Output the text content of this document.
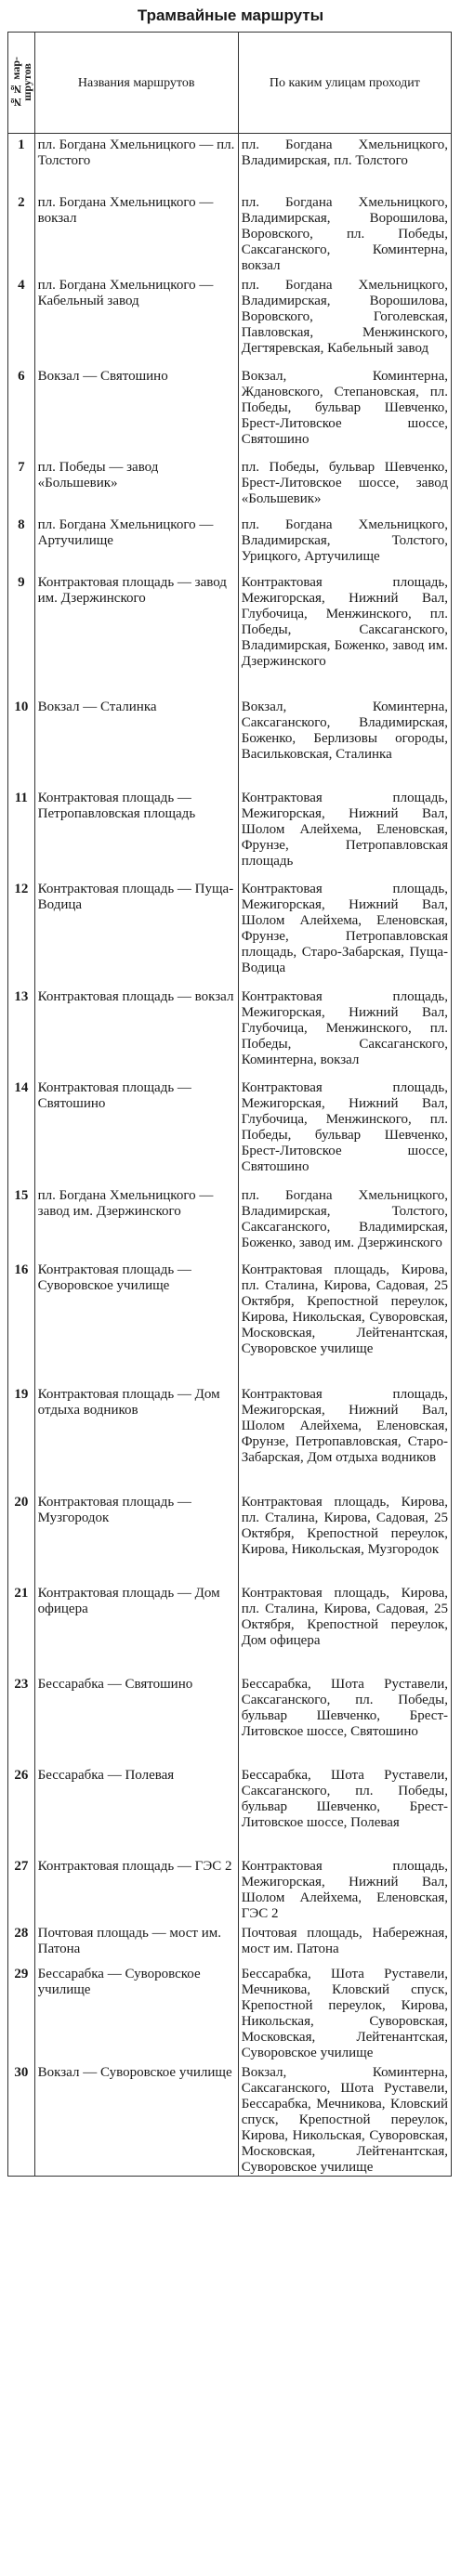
Трамвайные маршруты
№№ мар-
шрутов	Названия маршрутов	По каким улицам проходит
1	пл. Богдана Хмельницкого — пл. Толстого	пл. Богдана Хмельницкого, Владимирская, пл. Толстого
2	пл. Богдана Хмельницкого — вокзал	пл. Богдана Хмельницкого, Владимирская, Ворошилова, Воровского, пл. Победы, Саксаганского, Коминтерна, вокзал
4	пл. Богдана Хмельницкого — Кабельный завод	пл. Богдана Хмельницкого, Владимирская, Ворошилова, Воровского, Гоголевская, Павловская, Менжинского, Дегтяревская, Кабельный завод
6	Вокзал — Святошино	Вокзал, Коминтерна, Ждановского, Степановская, пл. Победы, бульвар Шевченко, Брест-Литовское шоссе, Святошино
7	пл. Победы — завод «Большевик»	пл. Победы, бульвар Шевченко, Брест-Литовское шоссе, завод «Большевик»
8	пл. Богдана Хмельницкого — Артучилище	пл. Богдана Хмельницкого, Владимирская, Толстого, Урицкого, Артучилище
9	Контрактовая площадь — завод им. Дзержинского	Контрактовая площадь, Межигорская, Нижний Вал, Глубочица, Менжинского, пл. Победы, Саксаганского, Владимирская, Боженко, завод им. Дзержинского
10	Вокзал — Сталинка	Вокзал, Коминтерна, Саксаганского, Владимирская, Боженко, Берлизовы огороды, Васильковская, Сталинка
11	Контрактовая площадь — Петропавловская площадь	Контрактовая площадь, Межигорская, Нижний Вал, Шолом Алейхема, Еленовская, Фрунзе, Петропавловская площадь
12	Контрактовая площадь — Пуща-Водица	Контрактовая площадь, Межигорская, Нижний Вал, Шолом Алейхема, Еленовская, Фрунзе, Петропавловская площадь, Старо-Забарская, Пуща-Водица
13	Контрактовая площадь — вокзал	Контрактовая площадь, Межигорская, Нижний Вал, Глубочица, Менжинского, пл. Победы, Саксаганского, Коминтерна, вокзал
14	Контрактовая площадь — Святошино	Контрактовая площадь, Межигорская, Нижний Вал, Глубочица, Менжинского, пл. Победы, бульвар Шевченко, Брест-Литовское шоссе, Святошино
15	пл. Богдана Хмельницкого — завод им. Дзержинского	пл. Богдана Хмельницкого, Владимирская, Толстого, Саксаганского, Владимирская, Боженко, завод им. Дзержинского
16	Контрактовая площадь — Суворовское училище	Контрактовая площадь, Кирова, пл. Сталина, Кирова, Садовая, 25 Октября, Крепостной переулок, Кирова, Никольская, Суворовская, Московская, Лейтенантская, Суворовское училище
19	Контрактовая площадь — Дом отдыха водников	Контрактовая площадь, Межигорская, Нижний Вал, Шолом Алейхема, Еленовская, Фрунзе, Петропавловская, Старо-Забарская, Дом отдыха водников
20	Контрактовая площадь — Музгородок	Контрактовая площадь, Кирова, пл. Сталина, Кирова, Садовая, 25 Октября, Крепостной переулок, Кирова, Никольская, Музгородок
21	Контрактовая площадь — Дом офицера	Контрактовая площадь, Кирова, пл. Сталина, Кирова, Садовая, 25 Октября, Крепостной переулок, Дом офицера
23	Бессарабка — Святошино	Бессарабка, Шота Руставели, Саксаганского, пл. Победы, бульвар Шевченко, Брест-Литовское шоссе, Святошино
26	Бессарабка — Полевая	Бессарабка, Шота Руставели, Саксаганского, пл. Победы, бульвар Шевченко, Брест-Литовское шоссе, Полевая
27	Контрактовая площадь — ГЭС 2	Контрактовая площадь, Межигорская, Нижний Вал, Шолом Алейхема, Еленовская, ГЭС 2
28	Почтовая площадь — мост им. Патона	Почтовая площадь, Набережная, мост им. Патона
29	Бессарабка — Суворовское училище	Бессарабка, Шота Руставели, Мечникова, Кловский спуск, Крепостной переулок, Кирова, Никольская, Суворовская, Московская, Лейтенантская, Суворовское училище
30	Вокзал — Суворовское училище	Вокзал, Коминтерна, Саксаганского, Шота Руставели, Бессарабка, Мечникова, Кловский спуск, Крепостной переулок, Кирова, Никольская, Суворовская, Московская, Лейтенантская, Суворовское училище
